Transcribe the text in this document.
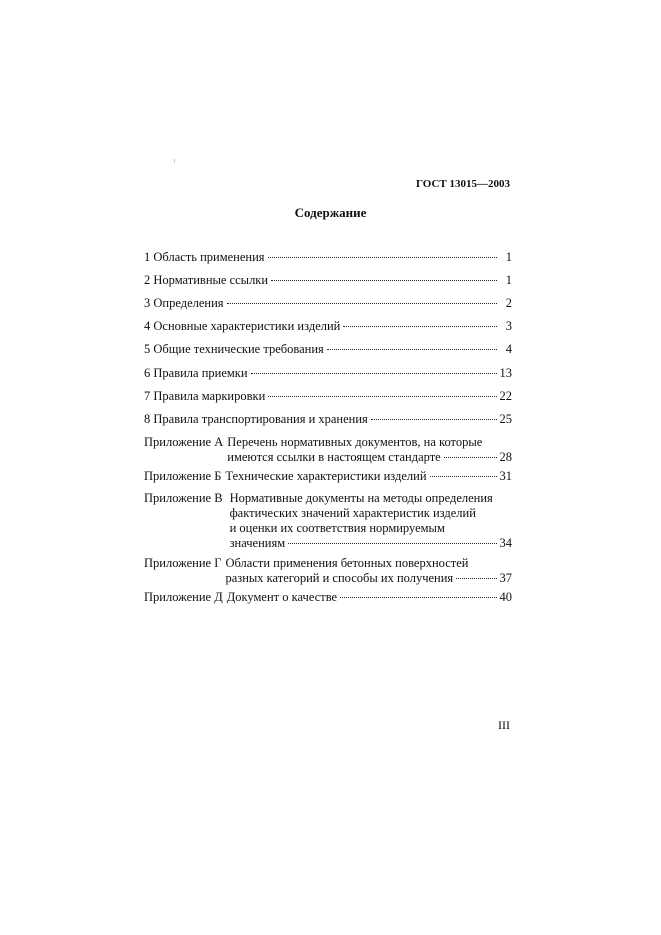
ГОСТ 13015—2003
Содержание
1 Область применения	1
2 Нормативные ссылки	1
3 Определения	2
4 Основные характеристики изделий	3
5 Общие технические требования	4
6 Правила приемки	13
7 Правила маркировки	22
8 Правила транспортирования и хранения	25
Приложение А Перечень нормативных документов, на которые
имеются ссылки в настоящем стандарте	28
Приложение Б Технические характеристики изделий	31
Приложение В Нормативные документы на методы определения
фактических значений характеристик изделий
и оценки их соответствия нормируемым
значениям	34
Приложение Г Области применения бетонных поверхностей
разных категорий и способы их получения	37
Приложение Д Документ о качестве	40
III
